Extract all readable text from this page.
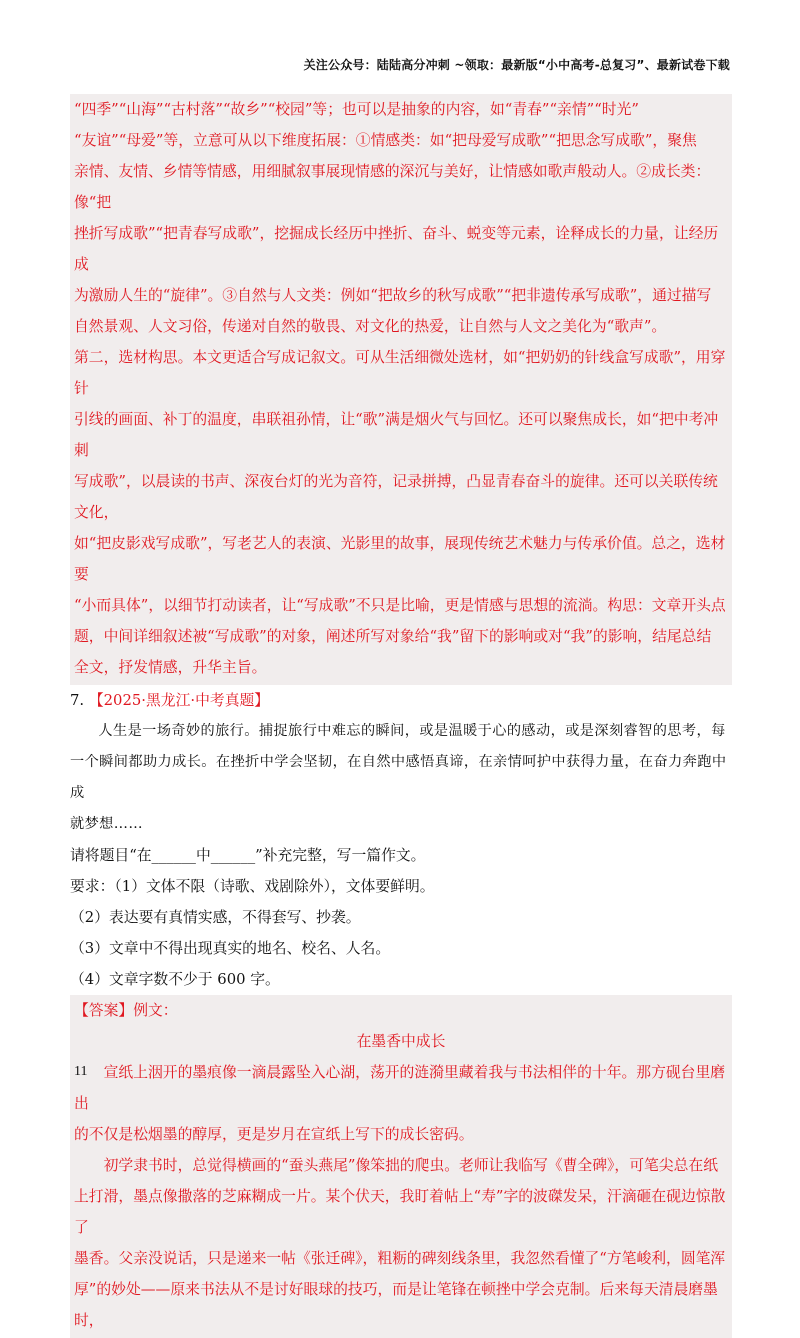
关注公众号：陆陆高分冲刺 ~领取：最新版“小中高考-总复习”、最新试卷下载

“四季”“山海”“古村落”“故乡”“校园”等；也可以是抽象的内容，如“青春”“亲情”“时光”

“友谊”“母爱”等，立意可从以下维度拓展：①情感类：如“把母爱写成歌”“把思念写成歌”，聚焦

亲情、友情、乡情等情感，用细腻叙事展现情感的深沉与美好，让情感如歌声般动人。②成长类：像“把

挫折写成歌”“把青春写成歌”，挖掘成长经历中挫折、奋斗、蜕变等元素，诠释成长的力量，让经历成

为激励人生的“旋律”。③自然与人文类：例如“把故乡的秋写成歌”“把非遗传承写成歌”，通过描写

自然景观、人文习俗，传递对自然的敬畏、对文化的热爱，让自然与人文之美化为“歌声”。

第二，选材构思。本文更适合写成记叙文。可从生活细微处选材，如“把奶奶的针线盒写成歌”，用穿针

引线的画面、补丁的温度，串联祖孙情，让“歌”满是烟火气与回忆。还可以聚焦成长，如“把中考冲刺

写成歌”，以晨读的书声、深夜台灯的光为音符，记录拼搏，凸显青春奋斗的旋律。还可以关联传统文化，

如“把皮影戏写成歌”，写老艺人的表演、光影里的故事，展现传统艺术魅力与传承价值。总之，选材要

“小而具体”，以细节打动读者，让“写成歌”不只是比喻，更是情感与思想的流淌。构思：文章开头点

题，中间详细叙述被“写成歌”的对象，阐述所写对象给“我”留下的影响或对“我”的影响，结尾总结

全文，抒发情感，升华主旨。

7. 【2025·黑龙江·中考真题】

人生是一场奇妙的旅行。捕捉旅行中难忘的瞬间，或是温暖于心的感动，或是深刻睿智的思考，每

一个瞬间都助力成长。在挫折中学会坚韧，在自然中感悟真谛，在亲情呵护中获得力量，在奋力奔跑中成

就梦想……

请将题目“在______中______”补充完整，写一篇作文。

要求：（1）文体不限（诗歌、戏剧除外），文体要鲜明。

（2）表达要有真情实感，不得套写、抄袭。

（3）文章中不得出现真实的地名、校名、人名。

（4）文章字数不少于 600 字。

【答案】例文：

在墨香中成长

宣纸上洇开的墨痕像一滴晨露坠入心湖，荡开的涟漪里藏着我与书法相伴的十年。那方砚台里磨出

的不仅是松烟墨的醇厚，更是岁月在宣纸上写下的成长密码。

初学隶书时，总觉得横画的“蚕头燕尾”像笨拙的爬虫。老师让我临写《曹全碑》，可笔尖总在纸

上打滑，墨点像撒落的芝麻糊成一片。某个伏天，我盯着帖上“寿”字的波磔发呆，汗滴砸在砚边惊散了

墨香。父亲没说话，只是递来一帖《张迁碑》，粗粝的碑刻线条里，我忽然看懂了“方笔峻利，圆笔浑

厚”的妙处——原来书法从不是讨好眼球的技巧，而是让笔锋在顿挫中学会克制。后来每天清晨磨墨时，

11
